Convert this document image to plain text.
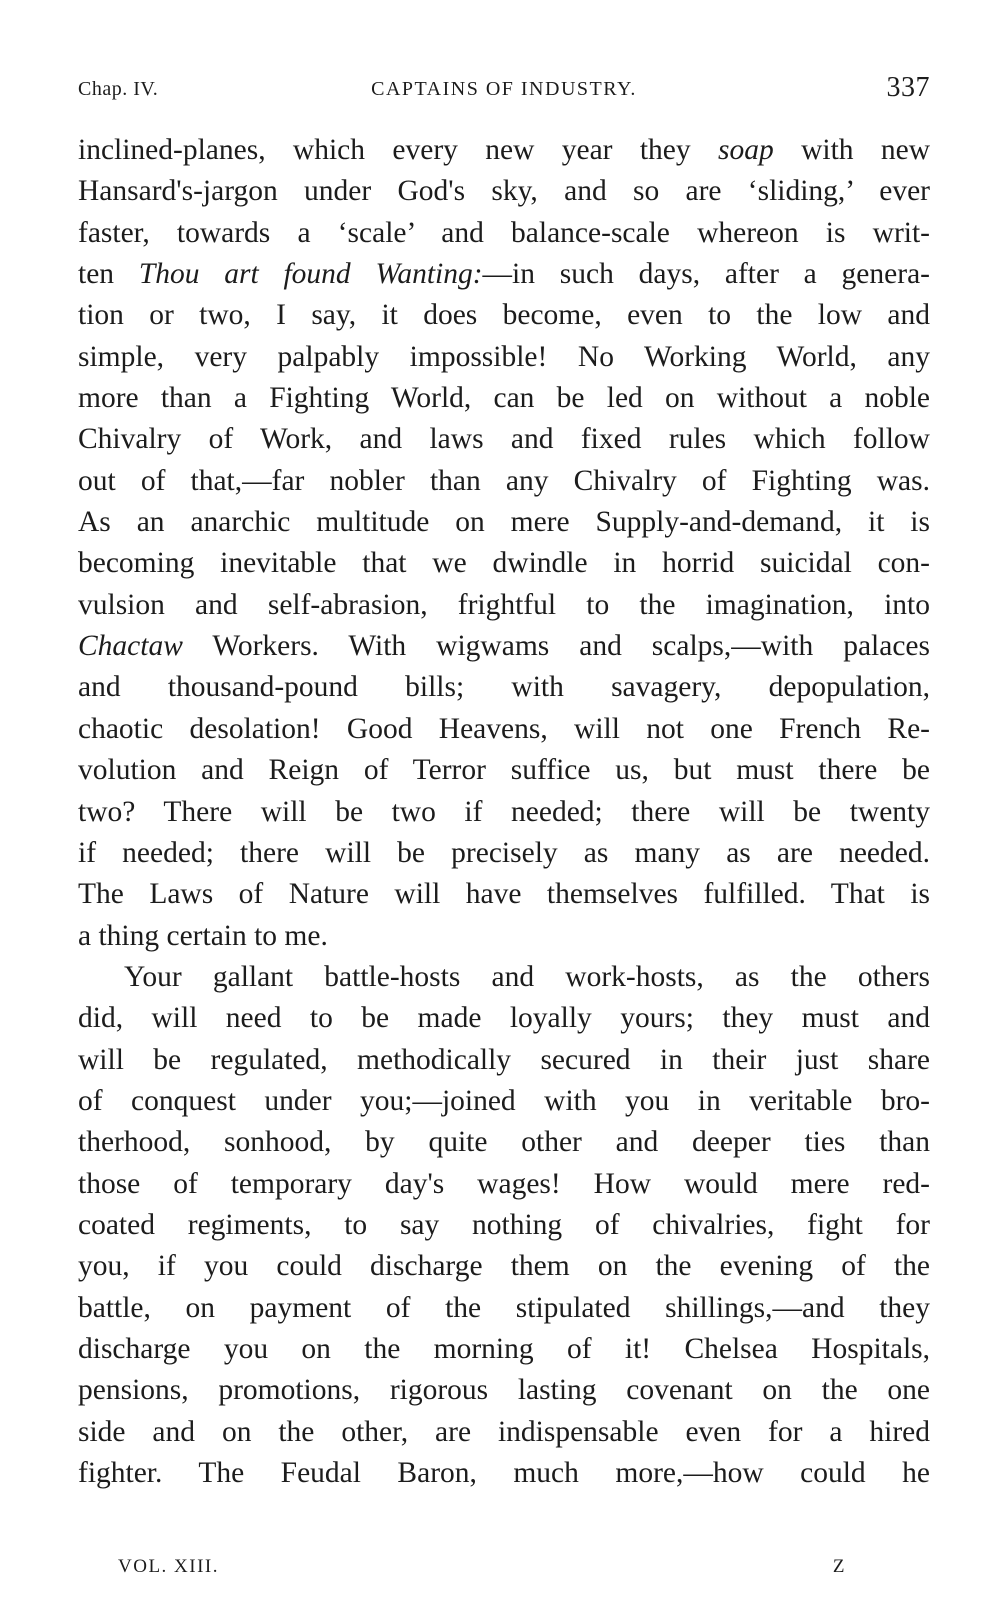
Chap. IV.	CAPTAINS OF INDUSTRY.	337
inclined-planes, which every new year they soap with new
Hansard's-jargon under God's sky, and so are ‘sliding,’ ever
faster, towards a ‘scale’ and balance-scale whereon is writ-
ten Thou art found Wanting:—in such days, after a genera-
tion or two, I say, it does become, even to the low and
simple, very palpably impossible! No Working World, any
more than a Fighting World, can be led on without a noble
Chivalry of Work, and laws and fixed rules which follow
out of that,—far nobler than any Chivalry of Fighting was.
As an anarchic multitude on mere Supply-and-demand, it is
becoming inevitable that we dwindle in horrid suicidal con-
vulsion and self-abrasion, frightful to the imagination, into
Chactaw Workers. With wigwams and scalps,—with palaces
and thousand-pound bills; with savagery, depopulation,
chaotic desolation! Good Heavens, will not one French Re-
volution and Reign of Terror suffice us, but must there be
two? There will be two if needed; there will be twenty
if needed; there will be precisely as many as are needed.
The Laws of Nature will have themselves fulfilled. That is
a thing certain to me.
Your gallant battle-hosts and work-hosts, as the others
did, will need to be made loyally yours; they must and
will be regulated, methodically secured in their just share
of conquest under you;—joined with you in veritable bro-
therhood, sonhood, by quite other and deeper ties than
those of temporary day's wages! How would mere red-
coated regiments, to say nothing of chivalries, fight for
you, if you could discharge them on the evening of the
battle, on payment of the stipulated shillings,—and they
discharge you on the morning of it! Chelsea Hospitals,
pensions, promotions, rigorous lasting covenant on the one
side and on the other, are indispensable even for a hired
fighter. The Feudal Baron, much more,—how could he
VOL. XIII.	Z
